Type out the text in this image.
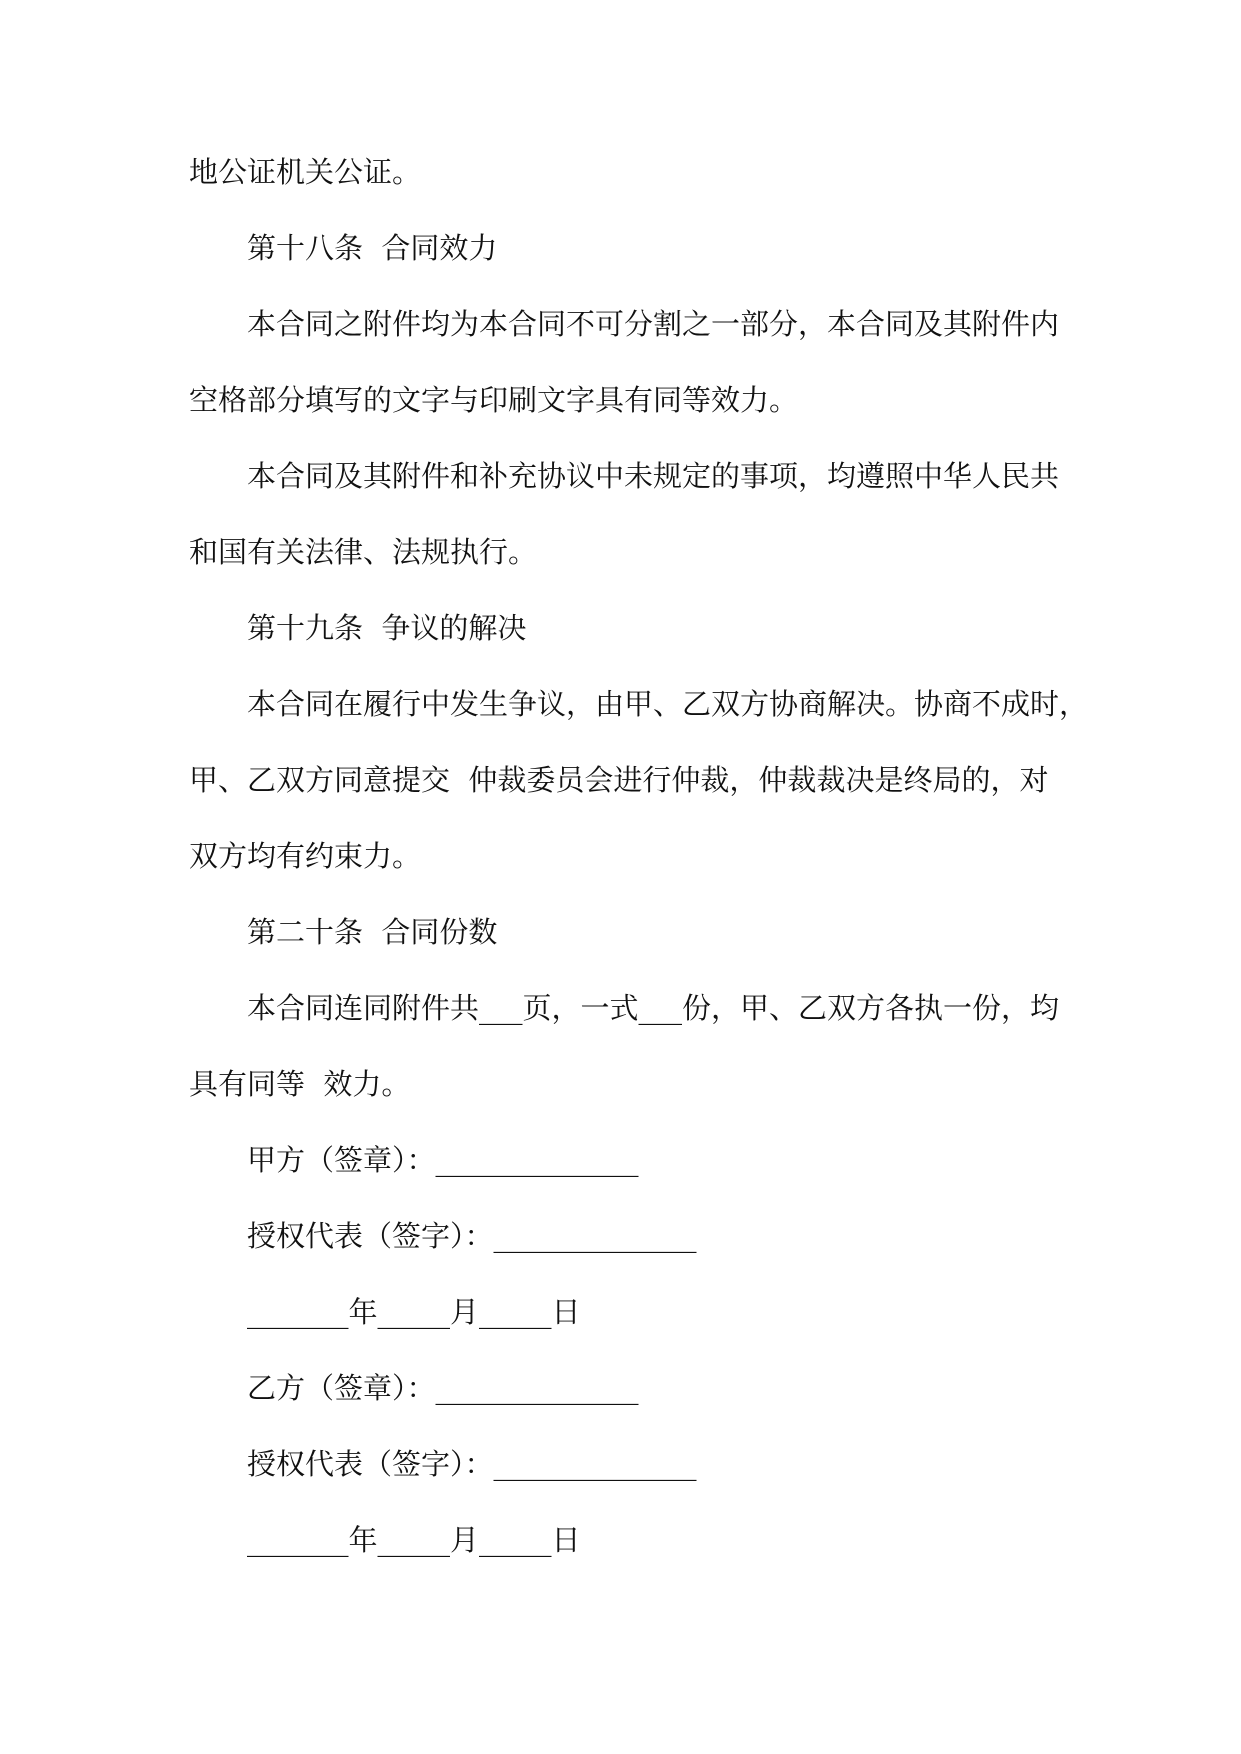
地公证机关公证。
第十八条  合同效力
本合同之附件均为本合同不可分割之一部分，本合同及其附件内
空格部分填写的文字与印刷文字具有同等效力。
本合同及其附件和补充协议中未规定的事项，均遵照中华人民共
和国有关法律、法规执行。
第十九条  争议的解决
本合同在履行中发生争议，由甲、乙双方协商解决。协商不成时，
甲、乙双方同意提交  仲裁委员会进行仲裁，仲裁裁决是终局的，对
双方均有约束力。
第二十条  合同份数
本合同连同附件共___页，一式___份，甲、乙双方各执一份，均
具有同等  效力。
甲方（签章）：______________
授权代表（签字）：______________
_______年_____月_____日
乙方（签章）：______________
授权代表（签字）：______________
_______年_____月_____日
